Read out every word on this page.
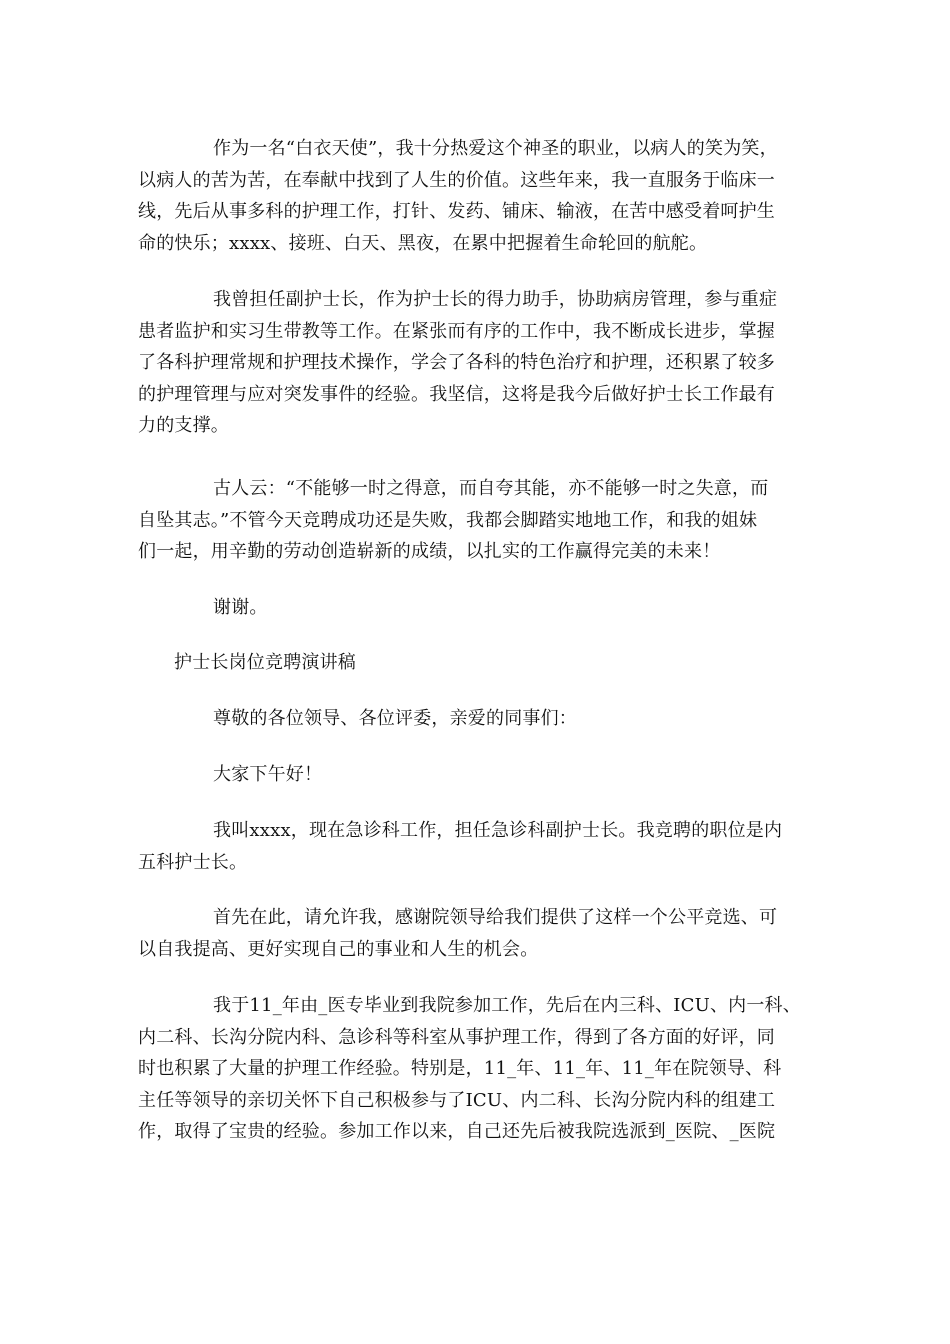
作为一名“白衣天使”，我十分热爱这个神圣的职业，以病人的笑为笑，
以病人的苦为苦，在奉献中找到了人生的价值。这些年来，我一直服务于临床一
线，先后从事多科的护理工作，打针、发药、铺床、输液，在苦中感受着呵护生
命的快乐；xxxx、接班、白天、黑夜，在累中把握着生命轮回的航舵。
我曾担任副护士长，作为护士长的得力助手，协助病房管理，参与重症
患者监护和实习生带教等工作。在紧张而有序的工作中，我不断成长进步，掌握
了各科护理常规和护理技术操作，学会了各科的特色治疗和护理，还积累了较多
的护理管理与应对突发事件的经验。我坚信，这将是我今后做好护士长工作最有
力的支撑。
古人云：“不能够一时之得意，而自夸其能，亦不能够一时之失意，而
自坠其志。”不管今天竞聘成功还是失败，我都会脚踏实地地工作，和我的姐妹
们一起，用辛勤的劳动创造崭新的成绩，以扎实的工作赢得完美的未来！
谢谢。
护士长岗位竞聘演讲稿
尊敬的各位领导、各位评委，亲爱的同事们：
大家下午好！
我叫xxxx，现在急诊科工作，担任急诊科副护士长。我竞聘的职位是内
五科护士长。
首先在此，请允许我，感谢院领导给我们提供了这样一个公平竞选、可
以自我提高、更好实现自己的事业和人生的机会。
我于11_年由_医专毕业到我院参加工作，先后在内三科、ICU、内一科、
内二科、长沟分院内科、急诊科等科室从事护理工作，得到了各方面的好评，同
时也积累了大量的护理工作经验。特别是，11_年、11_年、11_年在院领导、科
主任等领导的亲切关怀下自己积极参与了ICU、内二科、长沟分院内科的组建工
作，取得了宝贵的经验。参加工作以来，自己还先后被我院选派到_医院、_医院
